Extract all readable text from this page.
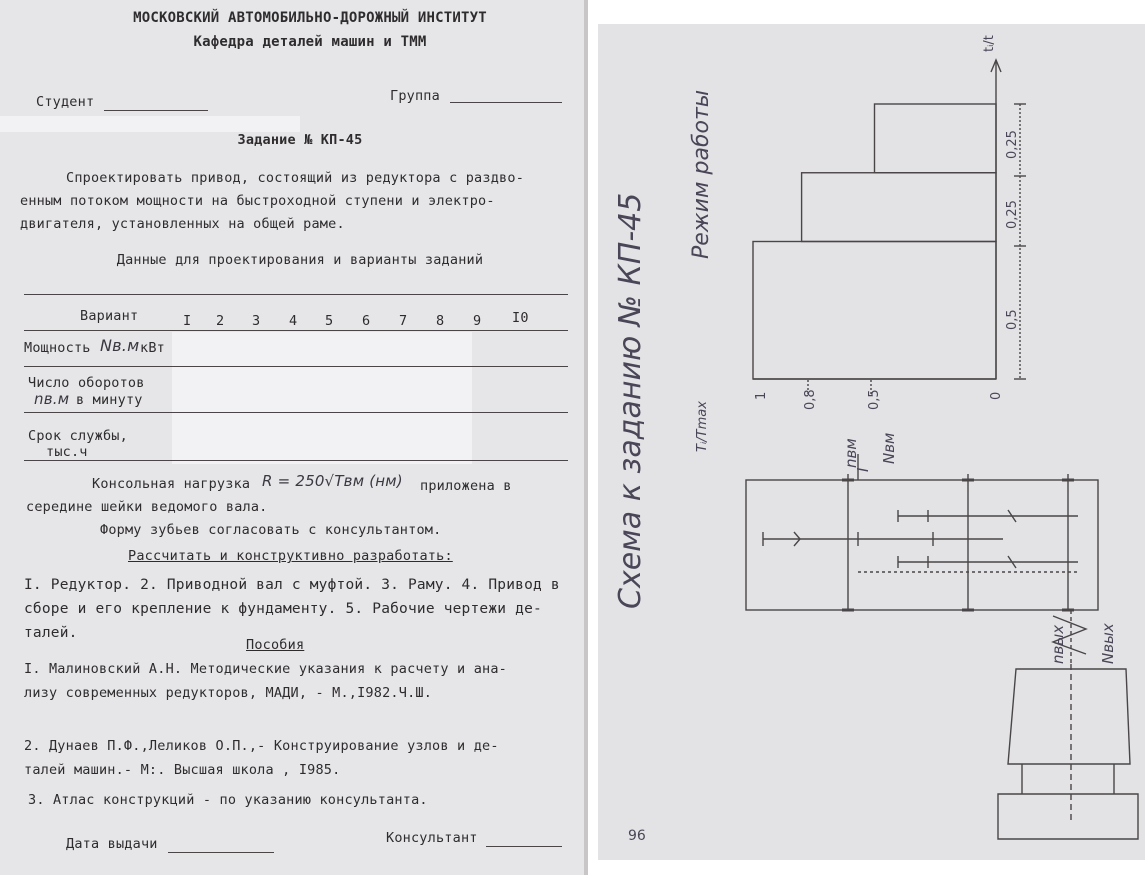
МОСКОВСКИЙ АВТОМОБИЛЬНО-ДОРОЖНЫЙ ИНСТИТУТ
Кафедра деталей машин и ТММ
Студент	Группа
Задание № КП-45
Спроектировать привод, состоящий из редуктора с раздво-
енным потоком мощности на быстроходной ступени и электро-
двигателя, установленных на общей раме.
Данные для проектирования и варианты заданий
Вариант	I 2 3 4 5 6 7 8 9 I0
Мощность Nв.м кВт
Число оборотов
nв.м в минуту
Срок службы,
тыс.ч
Консольная нагрузка R = 250√Tвм (нм) приложена в
середине шейки ведомого вала.
Форму зубьев согласовать с консультантом.
Рассчитать и конструктивно разработать:
I. Редуктор. 2. Приводной вал с муфтой. 3. Раму. 4. Привод в
сборе и его крепление к фундаменту. 5. Рабочие чертежи де-
талей.
Пособия
I. Малиновский А.Н. Методические указания к расчету и ана-
лизу современных редукторов, МАДИ, - М.,I982.Ч.Ш.
2. Дунаев П.Ф.,Леликов О.П.,- Конструирование узлов и де-
талей машин.- М:. Высшая школа , I985.
3. Атлас конструкций - по указанию консультанта.
Дата выдачи	Консультант
Схема к заданию № КП-45
Режим работы
tᵢ/t
0,5
0,25
0,25
1	0,8	0,5	0
Tᵢ/Tmax
nвм
I
Nвм
nвых Nвых
96
